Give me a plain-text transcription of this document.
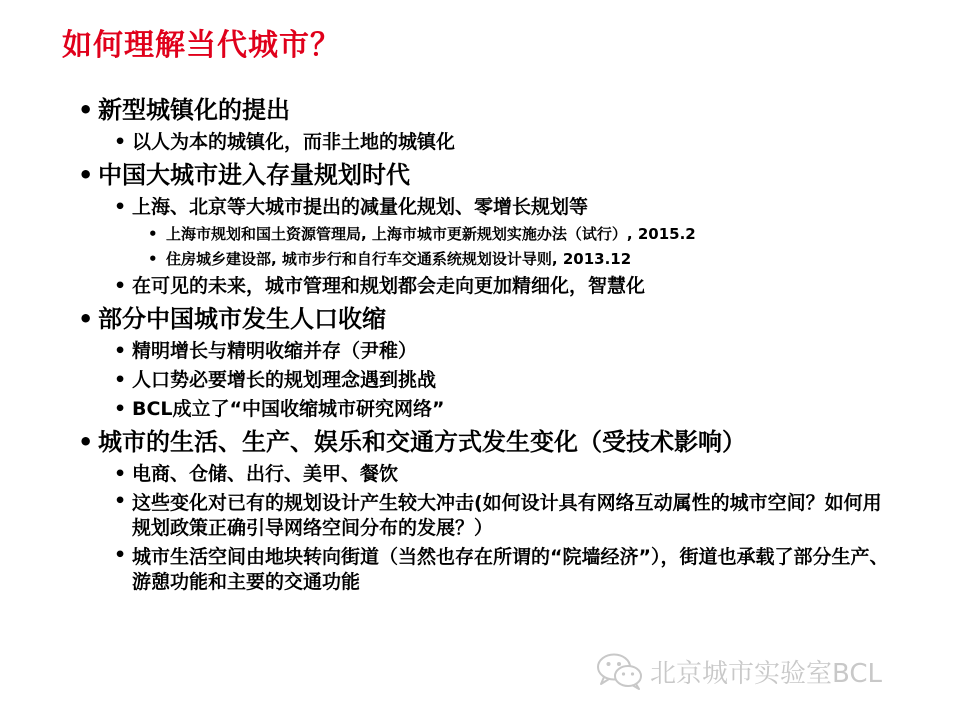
如何理解当代城市？
• 新型城镇化的提出
• 以人为本的城镇化，而非土地的城镇化
• 中国大城市进入存量规划时代
• 上海、北京等大城市提出的减量化规划、零增长规划等
• 上海市规划和国土资源管理局, 上海市城市更新规划实施办法（试行）, 2015.2
• 住房城乡建设部, 城市步行和自行车交通系统规划设计导则, 2013.12
• 在可见的未来，城市管理和规划都会走向更加精细化，智慧化
• 部分中国城市发生人口收缩
• 精明增长与精明收缩并存（尹稚）
• 人口势必要增长的规划理念遇到挑战
• BCL成立了“中国收缩城市研究网络”
• 城市的生活、生产、娱乐和交通方式发生变化（受技术影响）
• 电商、仓储、出行、美甲、餐饮
• 这些变化对已有的规划设计产生较大冲击(如何设计具有网络互动属性的城市空间？如何用规划政策正确引导网络空间分布的发展？）
• 城市生活空间由地块转向街道（当然也存在所谓的“院墙经济”），街道也承载了部分生产、游憩功能和主要的交通功能
北京城市实验室BCL
